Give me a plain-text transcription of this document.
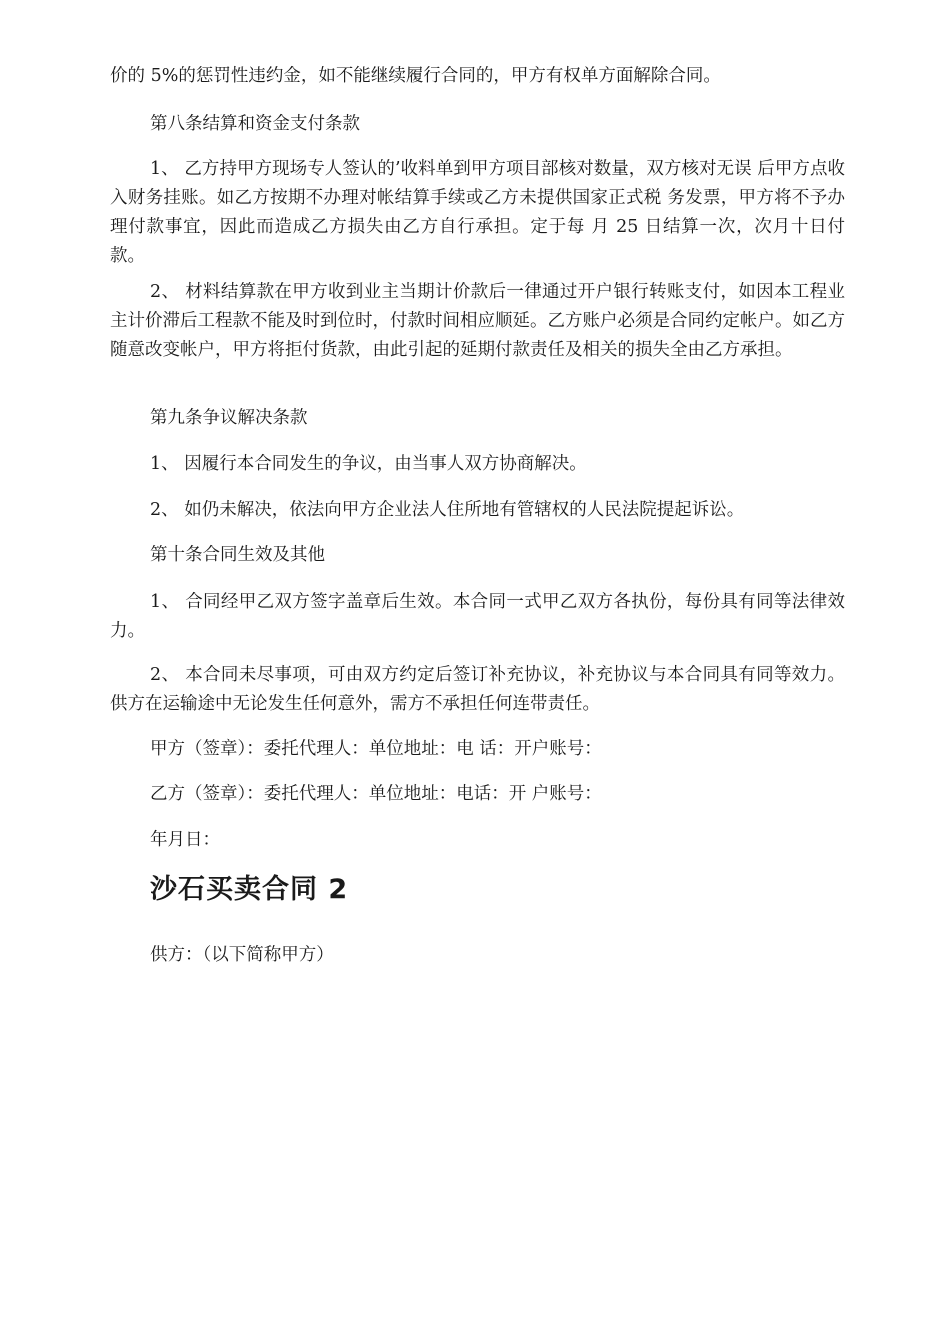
价的 5%的惩罚性违约金，如不能继续履行合同的，甲方有权单方面解除合同。

第八条结算和资金支付条款

1、 乙方持甲方现场专人签认的’收料单到甲方项目部核对数量，双方核对无误 后甲方点收入财务挂账。如乙方按期不办理对帐结算手续或乙方未提供国家正式税 务发票，甲方将不予办理付款事宜，因此而造成乙方损失由乙方自行承担。定于每 月 25 日结算一次，次月十日付款。

2、 材料结算款在甲方收到业主当期计价款后一律通过开户银行转账支付，如因本工程业主计价滞后工程款不能及时到位时，付款时间相应顺延。乙方账户必须是合同约定帐户。如乙方随意改变帐户，甲方将拒付货款，由此引起的延期付款责任及相关的损失全由乙方承担。

第九条争议解决条款

1、 因履行本合同发生的争议，由当事人双方协商解决。

2、 如仍未解决，依法向甲方企业法人住所地有管辖权的人民法院提起诉讼。

第十条合同生效及其他

1、 合同经甲乙双方签字盖章后生效。本合同一式甲乙双方各执份，每份具有同等法律效力。

2、 本合同未尽事项，可由双方约定后签订补充协议，补充协议与本合同具有同等效力。供方在运输途中无论发生任何意外，需方不承担任何连带责任。

甲方（签章）：委托代理人：单位地址：电 话：开户账号：

乙方（签章）：委托代理人：单位地址：电话：开 户账号：

年月日：

沙石买卖合同 2

供方：（以下简称甲方）
